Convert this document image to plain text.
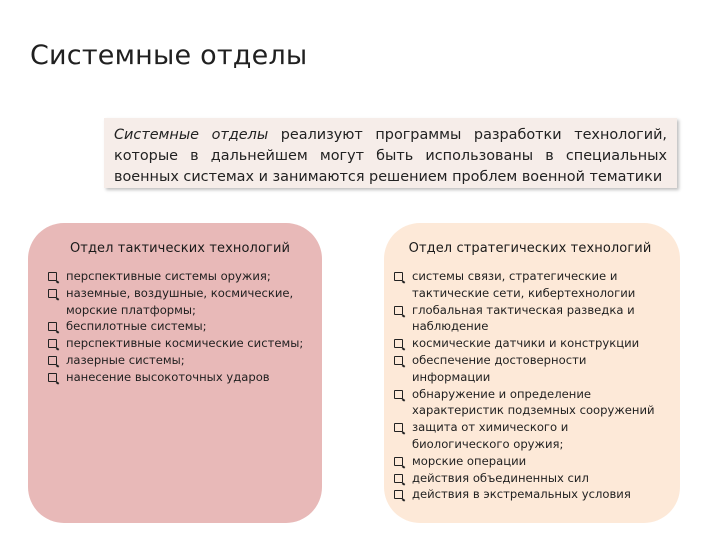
Системные отделы

Системные отделы реализуют программы разработки технологий,

которые в дальнейшем могут быть использованы в специальных

военных системах и занимаются решением проблем военной тематики

Отдел тактических технологий
перспективные системы оружия;
наземные, воздушные, космические, морские платформы;
беспилотные системы;
перспективные космические системы;
лазерные системы;
нанесение высокоточных ударов
Отдел стратегических технологий
системы связи, стратегические и тактические сети, кибертехнологии
глобальная тактическая разведка и наблюдение
космические датчики и конструкции
обеспечение достоверности информации
обнаружение и определение характеристик подземных сооружений
защита от химического и биологического оружия;
морские операции
действия объединенных сил
действия в экстремальных условия
